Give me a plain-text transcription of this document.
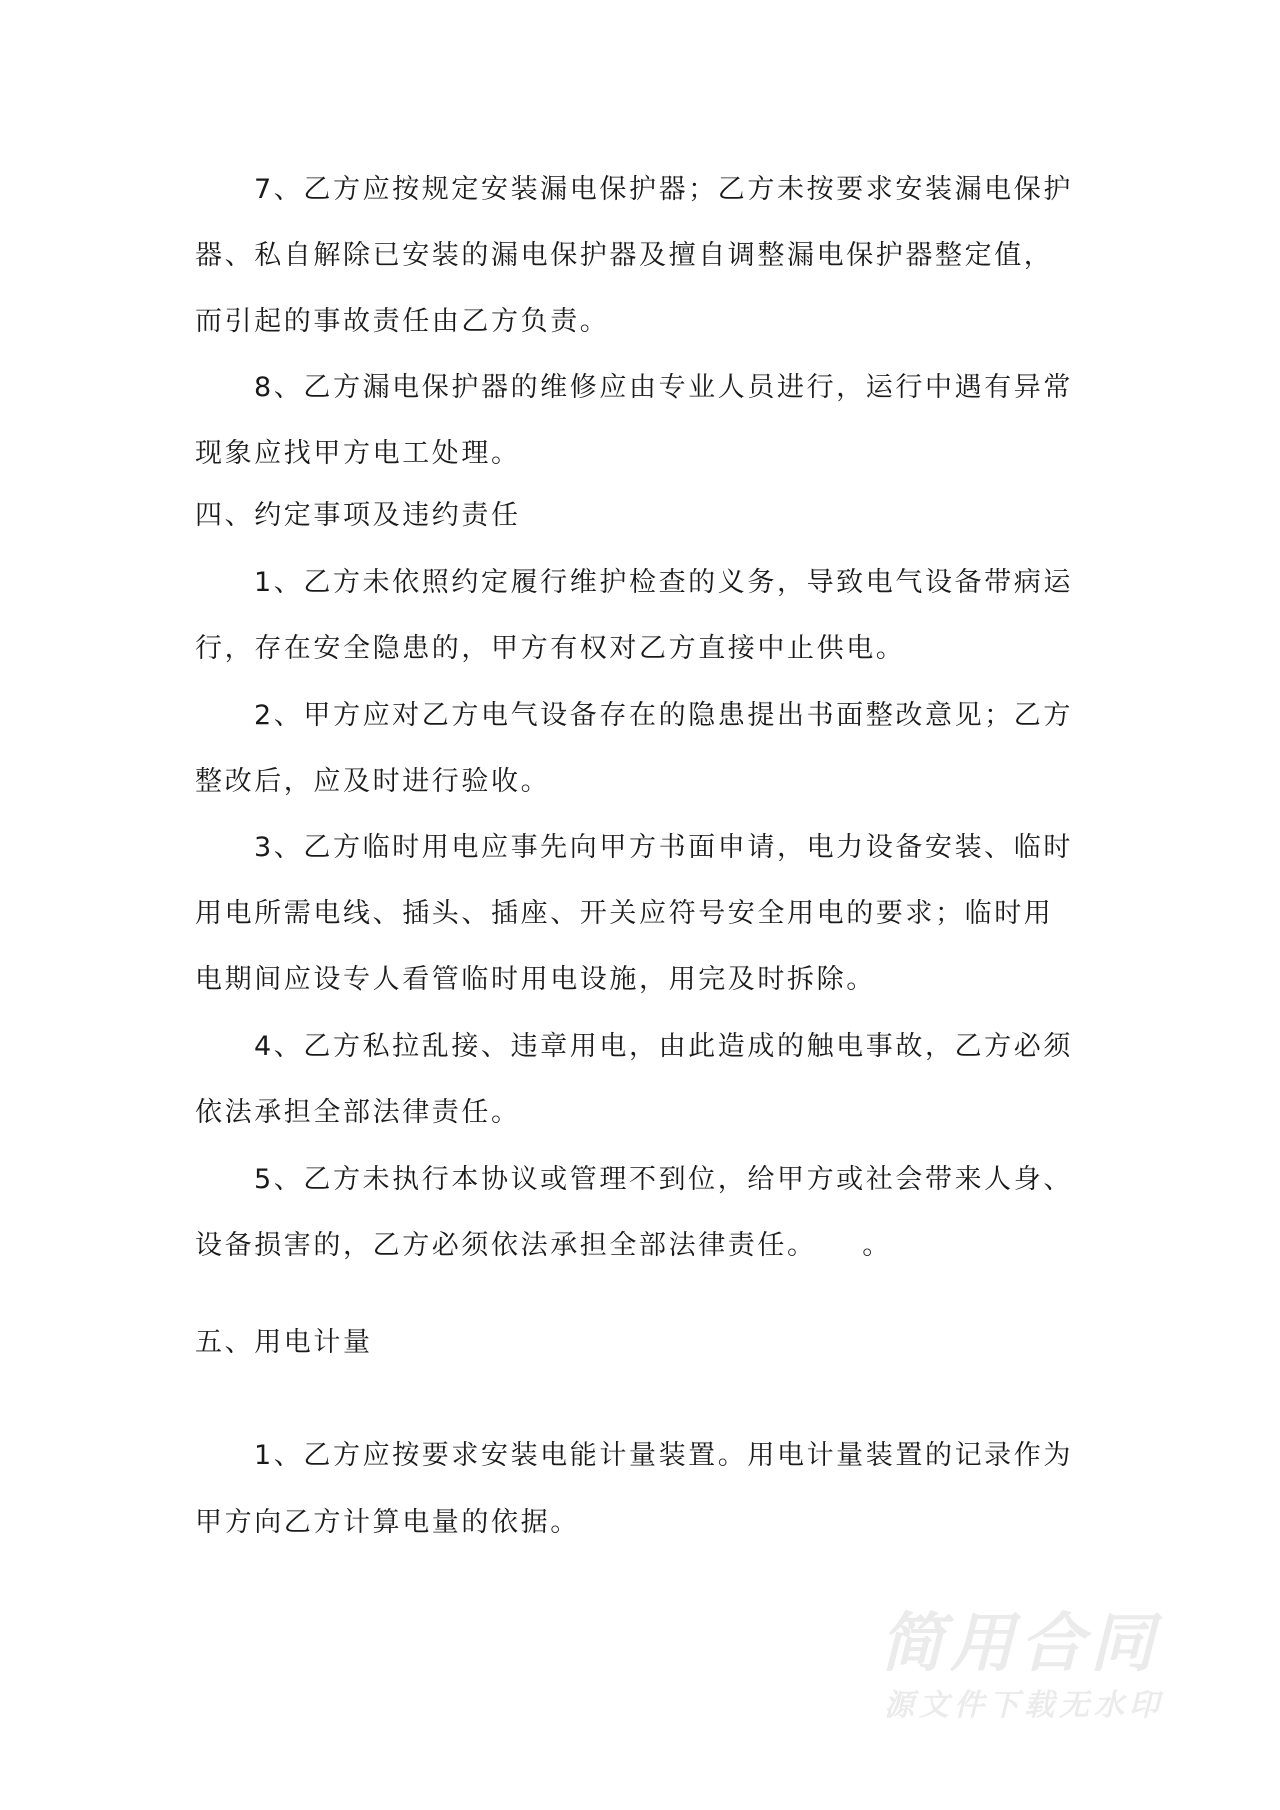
7、乙方应按规定安装漏电保护器；乙方未按要求安装漏电保护
器、私自解除已安装的漏电保护器及擅自调整漏电保护器整定值，
而引起的事故责任由乙方负责。
8、乙方漏电保护器的维修应由专业人员进行，运行中遇有异常
现象应找甲方电工处理。
四、约定事项及违约责任
1、乙方未依照约定履行维护检查的义务，导致电气设备带病运
行，存在安全隐患的，甲方有权对乙方直接中止供电。
2、甲方应对乙方电气设备存在的隐患提出书面整改意见；乙方
整改后，应及时进行验收。
3、乙方临时用电应事先向甲方书面申请，电力设备安装、临时
用电所需电线、插头、插座、开关应符号安全用电的要求；临时用
电期间应设专人看管临时用电设施，用完及时拆除。
4、乙方私拉乱接、违章用电，由此造成的触电事故，乙方必须
依法承担全部法律责任。
5、乙方未执行本协议或管理不到位，给甲方或社会带来人身、
设备损害的，乙方必须依法承担全部法律责任。　　。
五、用电计量
1、乙方应按要求安装电能计量装置。用电计量装置的记录作为
甲方向乙方计算电量的依据。
简用合同
源文件下载无水印
